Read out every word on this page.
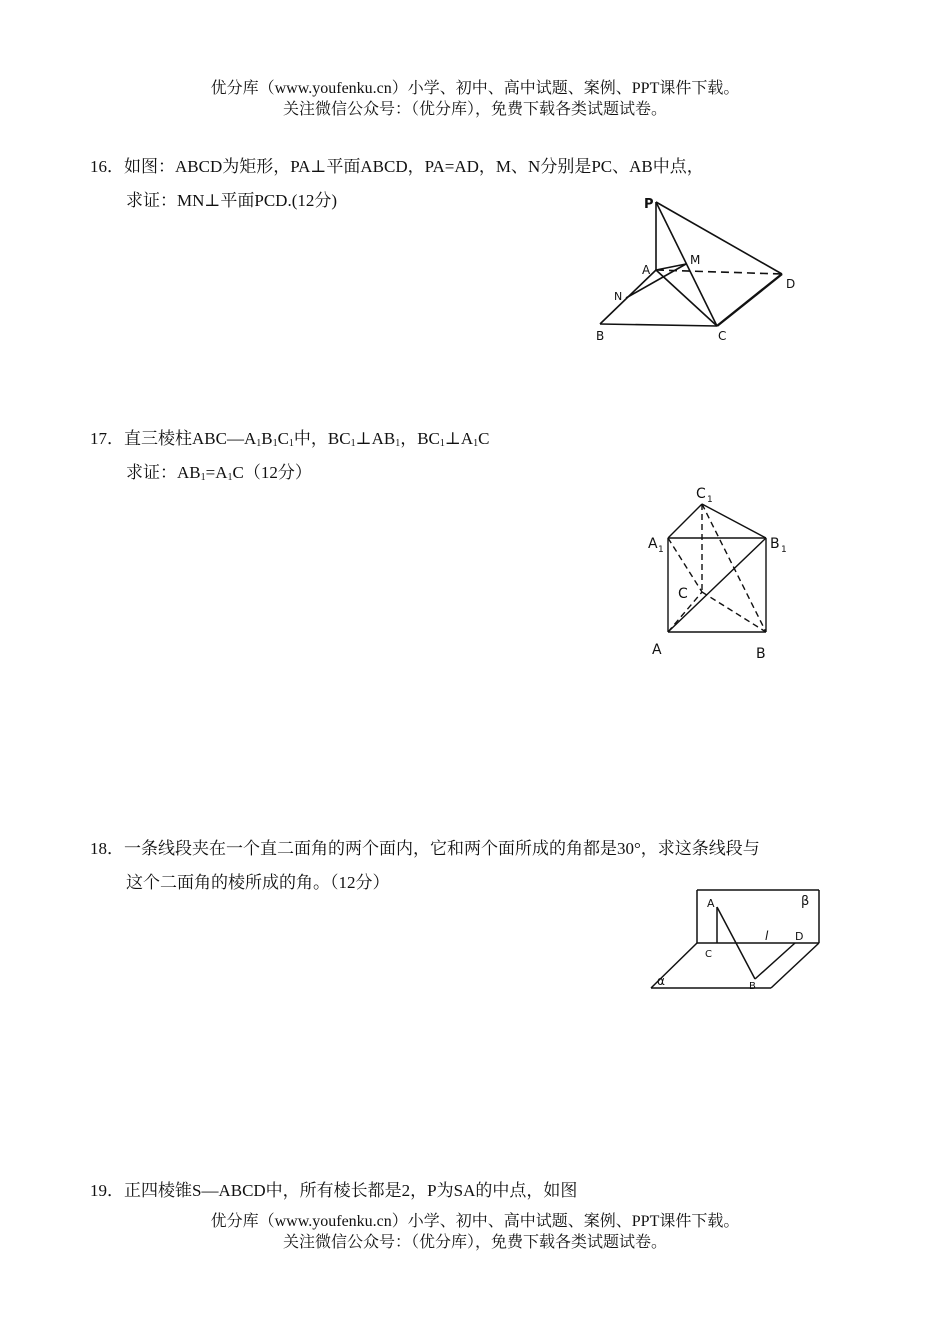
优分库（www.youfenku.cn）小学、初中、高中试题、案例、PPT课件下载。
关注微信公众号：（优分库），免费下载各类试题试卷。
16．如图：ABCD为矩形，PA⊥平面ABCD，PA=AD，M、N分别是PC、AB中点，
求证：MN⊥平面PCD.(12分)	P
A
M
D
N
B	C
17．直三棱柱$ABC—A_1B_1C_1$中，$BC_1\perp AB_1$，$BC_1\perp A_1C$
求证：$AB_1=A_1C(12$分）
C 1
A 1	B 1
C
A	B
18．一条线段夹在一个直二面角的两个面内，它和两个面所成的角都是30°，求这条线段与
这个二面角的棱所成的角。（12分）
A	β
l D
C
B
α
19．正四棱锥S—ABCD中，所有棱长都是2，P为SA的中点，如图
优分库（www.youfenku.cn）小学、初中、高中试题、案例、PPT课件下载。
关注微信公众号：（优分库），免费下载各类试题试卷。
